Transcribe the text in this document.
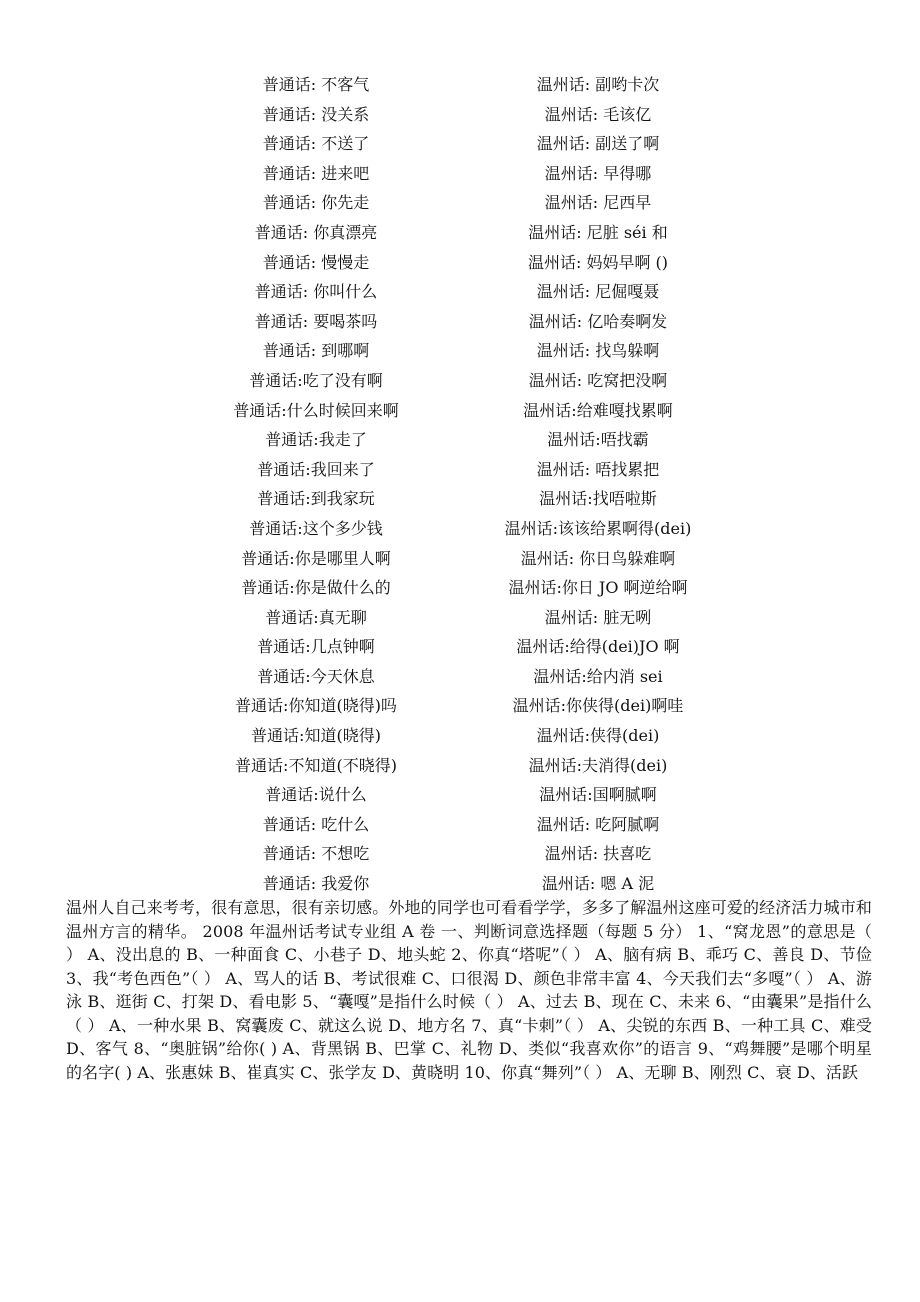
普通话: 不客气	温州话: 副哟卡次
普通话: 没关系	温州话: 毛该亿
普通话: 不送了	温州话: 副送了啊
普通话: 进来吧	温州话: 早得哪
普通话: 你先走	温州话: 尼西早
普通话: 你真漂亮	温州话: 尼脏 séi 和
普通话: 慢慢走	温州话: 妈妈早啊 ()
普通话: 你叫什么	温州话: 尼倔嘎聂
普通话: 要喝茶吗	温州话: 亿哈奏啊发
普通话: 到哪啊	温州话: 找鸟躲啊
普通话:吃了没有啊	温州话: 吃窝把没啊
普通话:什么时候回来啊	温州话:给难嘎找累啊
普通话:我走了	温州话:唔找霸
普通话:我回来了	温州话: 唔找累把
普通话:到我家玩	温州话:找唔啦斯
普通话:这个多少钱	温州话:该该给累啊得(dei)
普通话:你是哪里人啊	温州话: 你日鸟躲难啊
普通话:你是做什么的	温州话:你日 JO 啊逆给啊
普通话:真无聊	温州话: 脏无咧
普通话:几点钟啊	温州话:给得(dei)JO 啊
普通话:今天休息	温州话:给内消 sei
普通话:你知道(晓得)吗	温州话:你侠得(dei)啊哇
普通话:知道(晓得)	温州话:侠得(dei)
普通话:不知道(不晓得)	温州话:夫消得(dei)
普通话:说什么	温州话:国啊腻啊
普通话: 吃什么	温州话: 吃阿腻啊
普通话: 不想吃	温州话: 扶喜吃
普通话: 我爱你	温州话: 嗯 A 泥
温州人自己来考考，很有意思，很有亲切感。外地的同学也可看看学学，多多了解温州这座可爱的经济活力城市和温州方言的精华。 2008 年温州话考试专业组 A 卷 一、判断词意选择题（每题 5 分） 1、“窝龙恩”的意思是（ ） A、没出息的 B、一种面食 C、小巷子 D、地头蛇 2、你真“塔呢”（ ） A、脑有病 B、乖巧 C、善良 D、节俭 3、我“考色西色”（ ） A、骂人的话 B、考试很难 C、口很渴 D、颜色非常丰富 4、今天我们去“多嘎”（ ） A、游泳 B、逛街 C、打架 D、看电影 5、“囊嘎”是指什么时候（ ） A、过去 B、现在 C、未来 6、“由囊果”是指什么（ ） A、一种水果 B、窝囊废 C、就这么说 D、地方名 7、真“卡刺”（ ） A、尖锐的东西 B、一种工具 C、难受 D、客气 8、“奥脏锅”给你( ) A、背黑锅 B、巴掌 C、礼物 D、类似“我喜欢你”的语言 9、“鸡舞腰”是哪个明星的名字( ) A、张惠妹 B、崔真实 C、张学友 D、黄晓明 10、你真“舞列”（ ） A、无聊 B、刚烈 C、衰 D、活跃
